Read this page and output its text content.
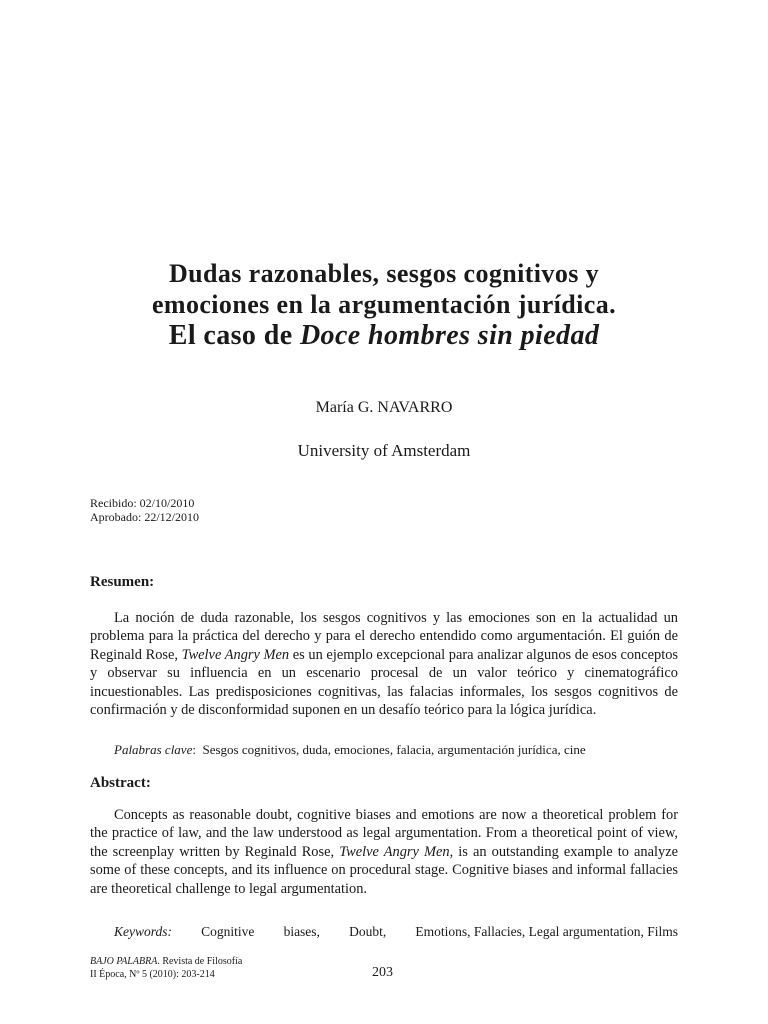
Dudas razonables, sesgos cognitivos y
emociones en la argumentación jurídica.
El caso de Doce hombres sin piedad
María G. NAVARRO
University of Amsterdam
Recibido: 02/10/2010
Aprobado: 22/12/2010
Resumen:
La noción de duda razonable, los sesgos cognitivos y las emociones son en la actualidad un problema para la práctica del derecho y para el derecho entendido como argumentación. El guión de Reginald Rose, Twelve Angry Men es un ejemplo excepcional para analizar algunos de esos conceptos y observar su influencia en un escenario procesal de un valor teórico y cinematográfico incuestionables. Las predisposiciones cognitivas, las falacias informales, los sesgos cognitivos de confirmación y de disconformidad suponen en un desafío teórico para la lógica jurídica.
Palabras clave:  Sesgos cognitivos, duda, emociones, falacia, argumentación jurídica, cine
Abstract:
Concepts as reasonable doubt, cognitive biases and emotions are now a theoretical problem for the practice of law, and the law understood as legal argumentation. From a theoretical point of view, the screenplay written by Reginald Rose, Twelve Angry Men, is an outstanding example to analyze some of these concepts, and its influence on procedural stage. Cognitive biases and informal fallacies are theoretical challenge to legal argumentation.
Keywords: Cognitive biases, Doubt, Emotions, Fallacies, Legal argumentation, Films
BAJO PALABRA. Revista de Filosofía
II Época, Nº 5 (2010): 203-214	203
